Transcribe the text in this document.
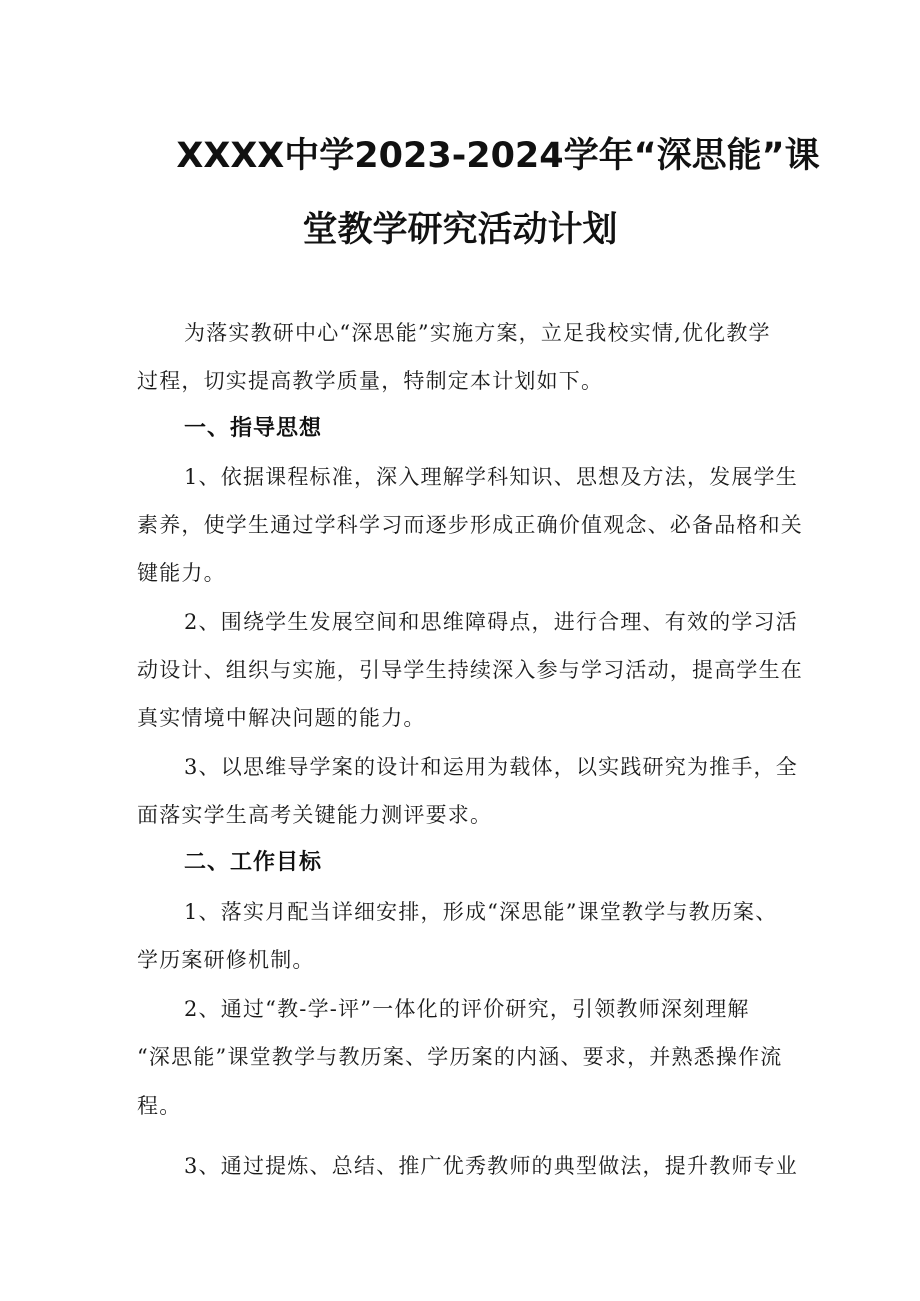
XXXX中学2023-2024学年“深思能”课
堂教学研究活动计划
为落实教研中心“深思能”实施方案，立足我校实情,优化教学
过程，切实提高教学质量，特制定本计划如下。
一、指导思想
1、依据课程标准，深入理解学科知识、思想及方法，发展学生
素养，使学生通过学科学习而逐步形成正确价值观念、必备品格和关
键能力。
2、围绕学生发展空间和思维障碍点，进行合理、有效的学习活
动设计、组织与实施，引导学生持续深入参与学习活动，提高学生在
真实情境中解决问题的能力。
3、以思维导学案的设计和运用为载体，以实践研究为推手，全
面落实学生高考关键能力测评要求。
二、工作目标
1、落实月配当详细安排，形成“深思能”课堂教学与教历案、
学历案研修机制。
2、通过“教-学-评”一体化的评价研究，引领教师深刻理解
“深思能”课堂教学与教历案、学历案的内涵、要求，并熟悉操作流
程。
3、通过提炼、总结、推广优秀教师的典型做法，提升教师专业
